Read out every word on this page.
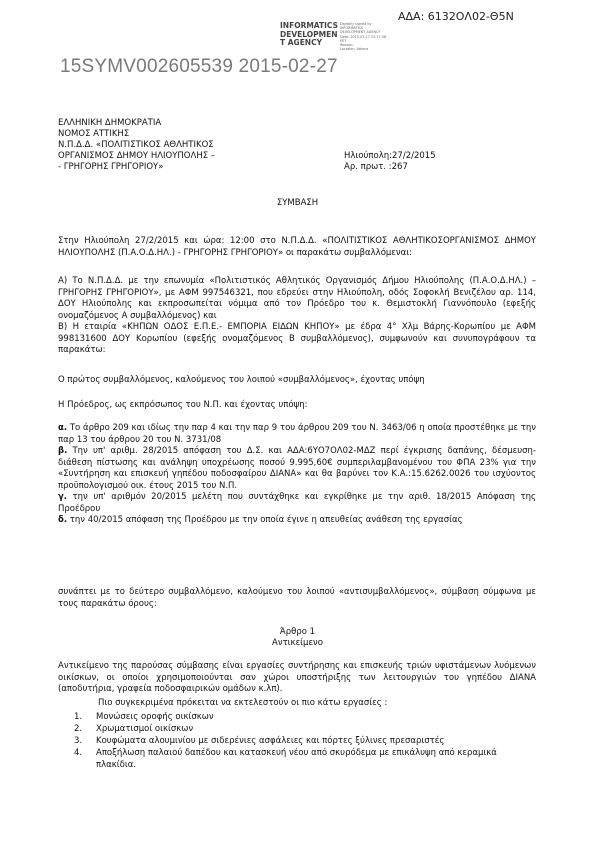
ΑΔΑ: 6132ΟΛ02-Θ5Ν
INFORMATICS
DEVELOPMEN
T AGENCY
Digitally signed by
INFORMATICS
DEVELOPMENT AGENCY
Date: 2015.02.27 15:17:38
EET
Reason:
Location: Athens
15SYMV002605539 2015-02-27
ΕΛΛΗΝΙΚΗ ΔΗΜΟΚΡΑΤΙΑ
ΝΟΜΟΣ ΑΤΤΙΚΗΣ
Ν.Π.Δ.Δ. «ΠΟΛΙΤΙΣΤΙΚΟΣ ΑΘΛΗΤΙΚΟΣ
ΟΡΓΑΝΙΣΜΟΣ ΔΗΜΟΥ ΗΛΙΟΥΠΟΛΗΣ –
- ΓΡΗΓΟΡΗΣ ΓΡΗΓΟΡΙΟΥ»
Ηλιούπολη:27/2/2015
Αρ. πρωτ. :267
ΣΥΜΒΑΣΗ
Στην Ηλιούπολη 27/2/2015 και ώρα: 12:00 στο Ν.Π.Δ.Δ. «ΠΟΛΙΤΙΣΤΙΚΟΣ ΑΘΛΗΤΙΚΟΣΟΡΓΑΝΙΣΜΟΣ ΔΗΜΟΥ ΗΛΙΟΥΠΟΛΗΣ (Π.Α.Ο.Δ.ΗΛ.) - ΓΡΗΓΟΡΗΣ ΓΡΗΓΟΡΙΟΥ» οι παρακάτω συμβαλλόμεναι:
Α) Το Ν.Π.Δ.Δ. με την επωνυμία «Πολιτιστικός Αθλητικός Οργανισμός Δήμου Ηλιούπολης (Π.Α.Ο.Δ.ΗΛ.) – ΓΡΗΓΟΡΗΣ ΓΡΗΓΟΡΙΟΥ», με ΑΦΜ 997546321, που εδρεύει στην Ηλιούπολη, οδός Σοφοκλή Βενιζέλου αρ. 114, ΔΟΥ Ηλιούπολης και εκπροσωπείται νόμιμα από τον Πρόεδρο του κ. Θεμιστοκλή Γιαννόπουλο (εφεξής ονομαζόμενος Α συμβαλλόμενος) και
Β) Η εταιρία «ΚΗΠΩΝ ΟΔΟΣ Ε.Π.Ε.- ΕΜΠΟΡΙΑ ΕΙΔΩΝ ΚΗΠΟΥ» με έδρα 4° Χλμ Βάρης-Κορωπίου με ΑΦΜ 998131600 ΔΟΥ Κορωπίου (εφεξής ονομαζόμενος Β συμβαλλόμενος), συμφωνούν και συνυπογράφουν τα παρακάτω:
Ο πρώτος συμβαλλόμενος, καλούμενος του λοιπού «συμβαλλόμενος», έχοντας υπόψη
Η Πρόεδρος, ως εκπρόσωπος του Ν.Π. και έχοντας υπόψη:

α. Το άρθρο 209 και ιδίως την παρ 4 και την παρ 9 του άρθρου 209 του Ν. 3463/06 η οποία προστέθηκε με την παρ 13 του άρθρου 20 του Ν. 3731/08

β. Την υπ' αριθμ. 28/2015 απόφαση του Δ.Σ. και ΑΔΑ:6ΥΟ7ΟΛ02-ΜΔΖ περί έγκρισης δαπάνης, δέσμευση- διάθεση πίστωσης και ανάληψη υποχρέωσης ποσού 9.995,60€ συμπεριλαμβανομένου του ΦΠΑ 23% για την «Συντήρηση και επισκευή γηπέδου ποδοσφαίρου ΔΙΑΝΑ» και θα βαρύνει τον Κ.Α.:15.6262.0026 του ισχύοντος προϋπολογισμού οικ. έτους 2015 του Ν.Π.

γ. την υπ' αριθμόν 20/2015 μελέτη που συντάχθηκε και εγκρίθηκε με την αριθ. 18/2015 Απόφαση της Προέδρου

δ. την 40/2015 απόφαση της Προέδρου με την οποία έγινε η απευθείας ανάθεση της εργασίας

συνάπτει με το δεύτερο συμβαλλόμενο, καλούμενο του λοιπού «αντισυμβαλλόμενος», σύμβαση σύμφωνα με τους παρακάτω όρους:
Άρθρο 1
Αντικείμενο
Αντικείμενο της παρούσας σύμβασης είναι εργασίες συντήρησης και επισκευής τριών υφιστάμενων λυόμενων οικίσκων, οι οποίοι χρησιμοποιούνται σαν χώροι υποστήριξης των λειτουργιών του γηπέδου ΔΙΑΝΑ (αποδυτήρια, γραφεία ποδοσφαιρικών ομάδων κ.λπ).
Πιο συγκεκριμένα πρόκειται να εκτελεστούν οι πιο κάτω εργασίες :
1.	Μονώσεις οροφής οικίσκων
2.	Χρωματισμοί οικίσκων
3.	Κουφώματα αλουμινίου με σιδερένιες ασφάλειες και πόρτες ξύλινες πρεσαριστές
4.	Αποξήλωση παλαιού δαπέδου και κατασκευή νέου από σκυρόδεμα με επικάλυψη από κεραμικά πλακίδια.
